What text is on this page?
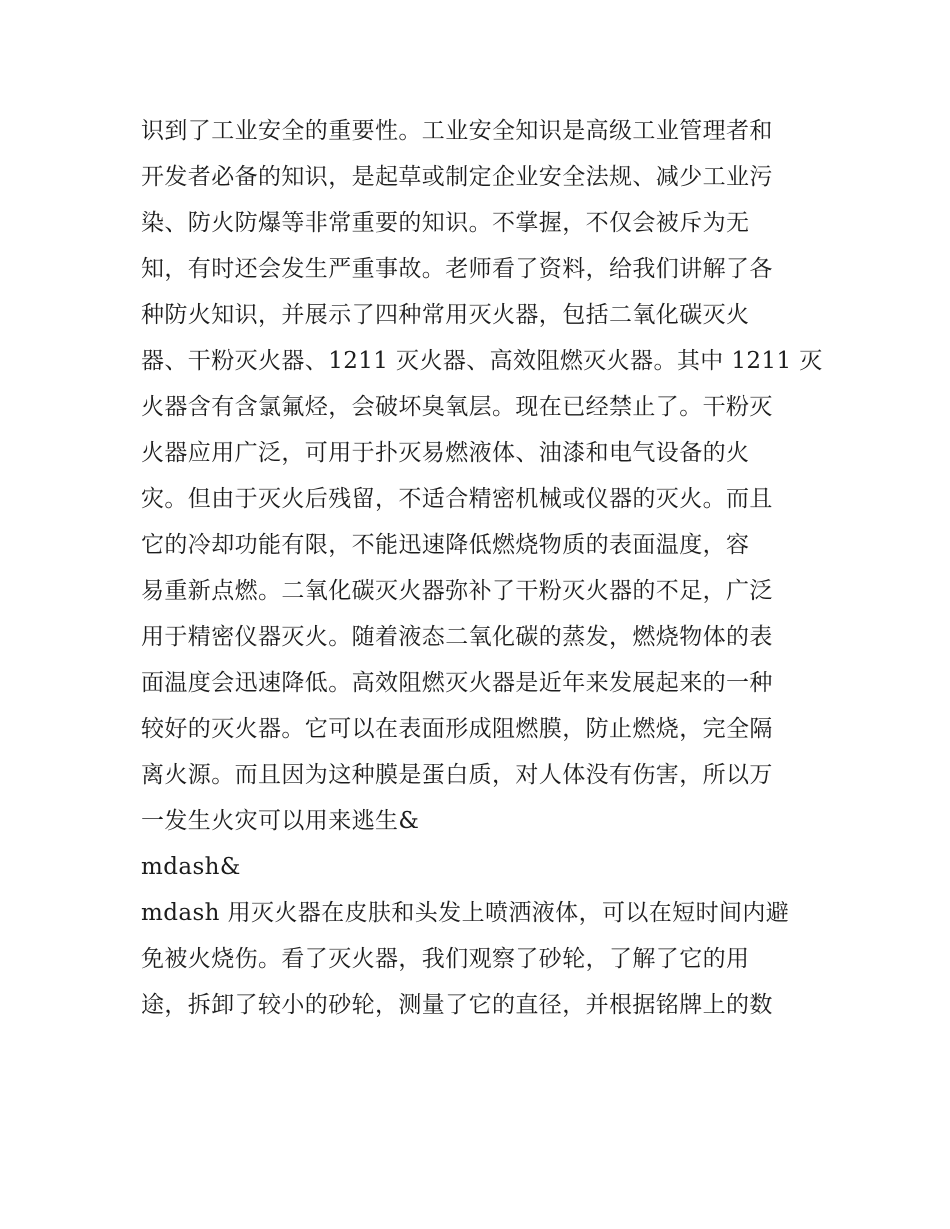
识到了工业安全的重要性。工业安全知识是高级工业管理者和
开发者必备的知识，是起草或制定企业安全法规、减少工业污
染、防火防爆等非常重要的知识。不掌握，不仅会被斥为无
知，有时还会发生严重事故。老师看了资料，给我们讲解了各
种防火知识，并展示了四种常用灭火器，包括二氧化碳灭火
器、干粉灭火器、1211 灭火器、高效阻燃灭火器。其中 1211 灭
火器含有含氯氟烃，会破坏臭氧层。现在已经禁止了。干粉灭
火器应用广泛，可用于扑灭易燃液体、油漆和电气设备的火
灾。但由于灭火后残留，不适合精密机械或仪器的灭火。而且
它的冷却功能有限，不能迅速降低燃烧物质的表面温度，容
易重新点燃。二氧化碳灭火器弥补了干粉灭火器的不足，广泛
用于精密仪器灭火。随着液态二氧化碳的蒸发，燃烧物体的表
面温度会迅速降低。高效阻燃灭火器是近年来发展起来的一种
较好的灭火器。它可以在表面形成阻燃膜，防止燃烧，完全隔
离火源。而且因为这种膜是蛋白质，对人体没有伤害，所以万
一发生火灾可以用来逃生&
mdash&
mdash 用灭火器在皮肤和头发上喷洒液体，可以在短时间内避
免被火烧伤。看了灭火器，我们观察了砂轮，了解了它的用
途，拆卸了较小的砂轮，测量了它的直径，并根据铭牌上的数
